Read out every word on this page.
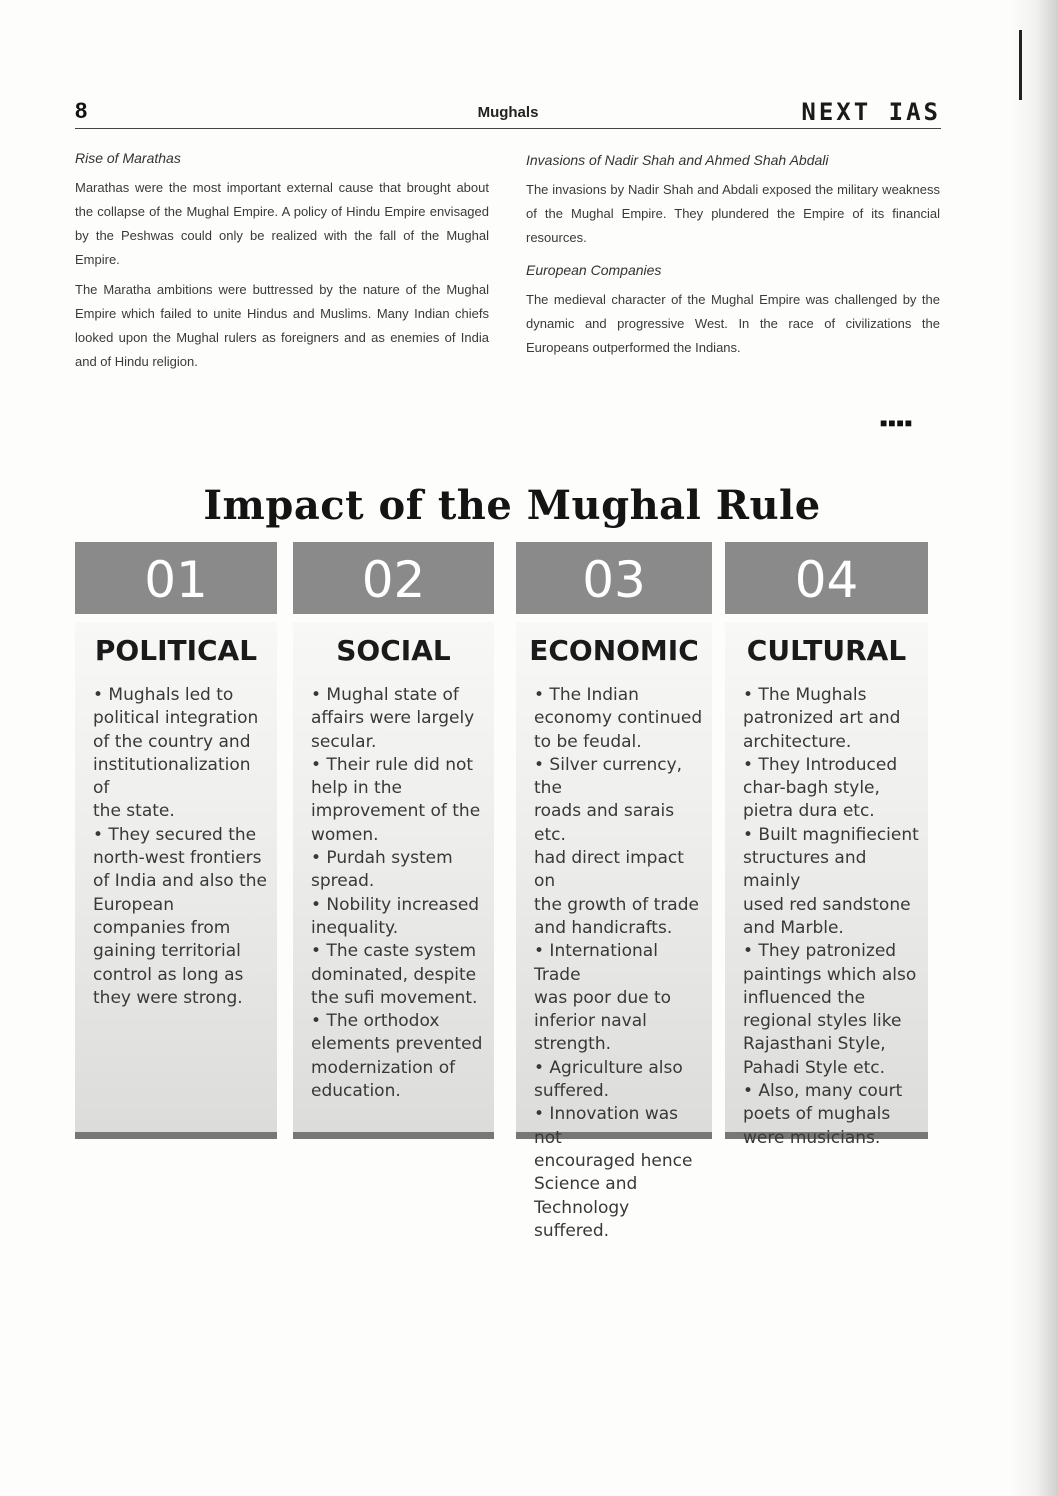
8	Mughals	NEXT IAS
Rise of Marathas

Marathas were the most important external cause that brought about the collapse of the Mughal Empire. A policy of Hindu Empire envisaged by the Peshwas could only be realized with the fall of the Mughal Empire.

The Maratha ambitions were buttressed by the nature of the Mughal Empire which failed to unite Hindus and Muslims. Many Indian chiefs looked upon the Mughal rulers as foreigners and as enemies of India and of Hindu religion.

Invasions of Nadir Shah and Ahmed Shah Abdali

The invasions by Nadir Shah and Abdali exposed the military weakness of the Mughal Empire. They plundered the Empire of its financial resources.

European Companies

The medieval character of the Mughal Empire was challenged by the dynamic and progressive West. In the race of civilizations the Europeans outperformed the Indians.

■■■■
Impact of the Mughal Rule
01
POLITICAL
• Mughals led to
political integration
of the country and
institutionalization of
the state.
• They secured the
north-west frontiers
of India and also the
European
companies from
gaining territorial
control as long as
they were strong.
02
SOCIAL
• Mughal state of
affairs were largely
secular.
• Their rule did not
help in the
improvement of the
women.
• Purdah system
spread.
• Nobility increased
inequality.
• The caste system
dominated, despite
the sufi movement.
• The orthodox
elements prevented
modernization of
education.
03
ECONOMIC
• The Indian
economy continued
to be feudal.
• Silver currency, the
roads and sarais etc.
had direct impact on
the growth of trade
and handicrafts.
• International Trade
was poor due to
inferior naval
strength.
• Agriculture also
suffered.
• Innovation was not
encouraged hence
Science and
Technology suffered.
04
CULTURAL
• The Mughals
patronized art and
architecture.
• They Introduced
char-bagh style,
pietra dura etc.
• Built magnifiecient
structures and mainly
used red sandstone
and Marble.
• They patronized
paintings which also
influenced the
regional styles like
Rajasthani Style,
Pahadi Style etc.
• Also, many court
poets of mughals
were musicians.
